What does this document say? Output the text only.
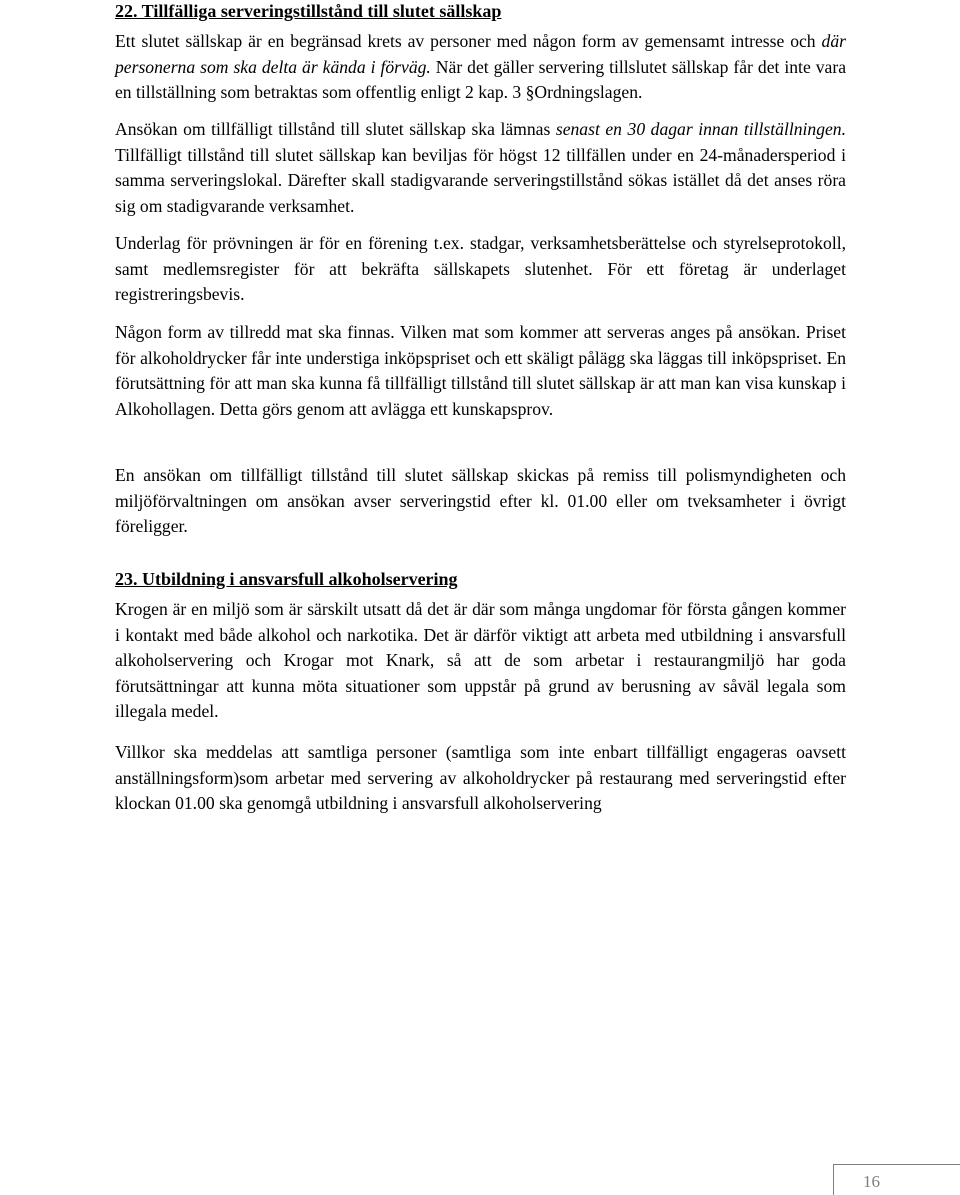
22. Tillfälliga serveringstillstånd till slutet sällskap
Ett slutet sällskap är en begränsad krets av personer med någon form av gemensamt intresse och där personerna som ska delta är kända i förväg. När det gäller servering tillslutet sällskap får det inte vara en tillställning som betraktas som offentlig enligt 2 kap. 3 §Ordningslagen.
Ansökan om tillfälligt tillstånd till slutet sällskap ska lämnas senast en 30 dagar innan tillställningen. Tillfälligt tillstånd till slutet sällskap kan beviljas för högst 12 tillfällen under en 24-månadersperiod i samma serveringslokal. Därefter skall stadigvarande serveringstillstånd sökas istället då det anses röra sig om stadigvarande verksamhet.
Underlag för prövningen är för en förening t.ex. stadgar, verksamhetsberättelse och styrelseprotokoll, samt medlemsregister för att bekräfta sällskapets slutenhet. För ett företag är underlaget registreringsbevis.
Någon form av tillredd mat ska finnas. Vilken mat som kommer att serveras anges på ansökan. Priset för alkoholdrycker får inte understiga inköpspriset och ett skäligt pålägg ska läggas till inköpspriset. En förutsättning för att man ska kunna få tillfälligt tillstånd till slutet sällskap är att man kan visa kunskap i Alkohollagen. Detta görs genom att avlägga ett kunskapsprov.
En ansökan om tillfälligt tillstånd till slutet sällskap skickas på remiss till polismyndigheten och miljöförvaltningen om ansökan avser serveringstid efter kl. 01.00 eller om tveksamheter i övrigt föreligger.
23. Utbildning i ansvarsfull alkoholservering
Krogen är en miljö som är särskilt utsatt då det är där som många ungdomar för första gången kommer i kontakt med både alkohol och narkotika. Det är därför viktigt att arbeta med utbildning i ansvarsfull alkoholservering och Krogar mot Knark, så att de som arbetar i restaurangmiljö har goda förutsättningar att kunna möta situationer som uppstår på grund av berusning av såväl legala som illegala medel.
Villkor ska meddelas att samtliga personer (samtliga som inte enbart tillfälligt engageras oavsett anställningsform)som arbetar med servering av alkoholdrycker på restaurang med serveringstid efter klockan 01.00 ska genomgå utbildning i ansvarsfull alkoholservering
16
